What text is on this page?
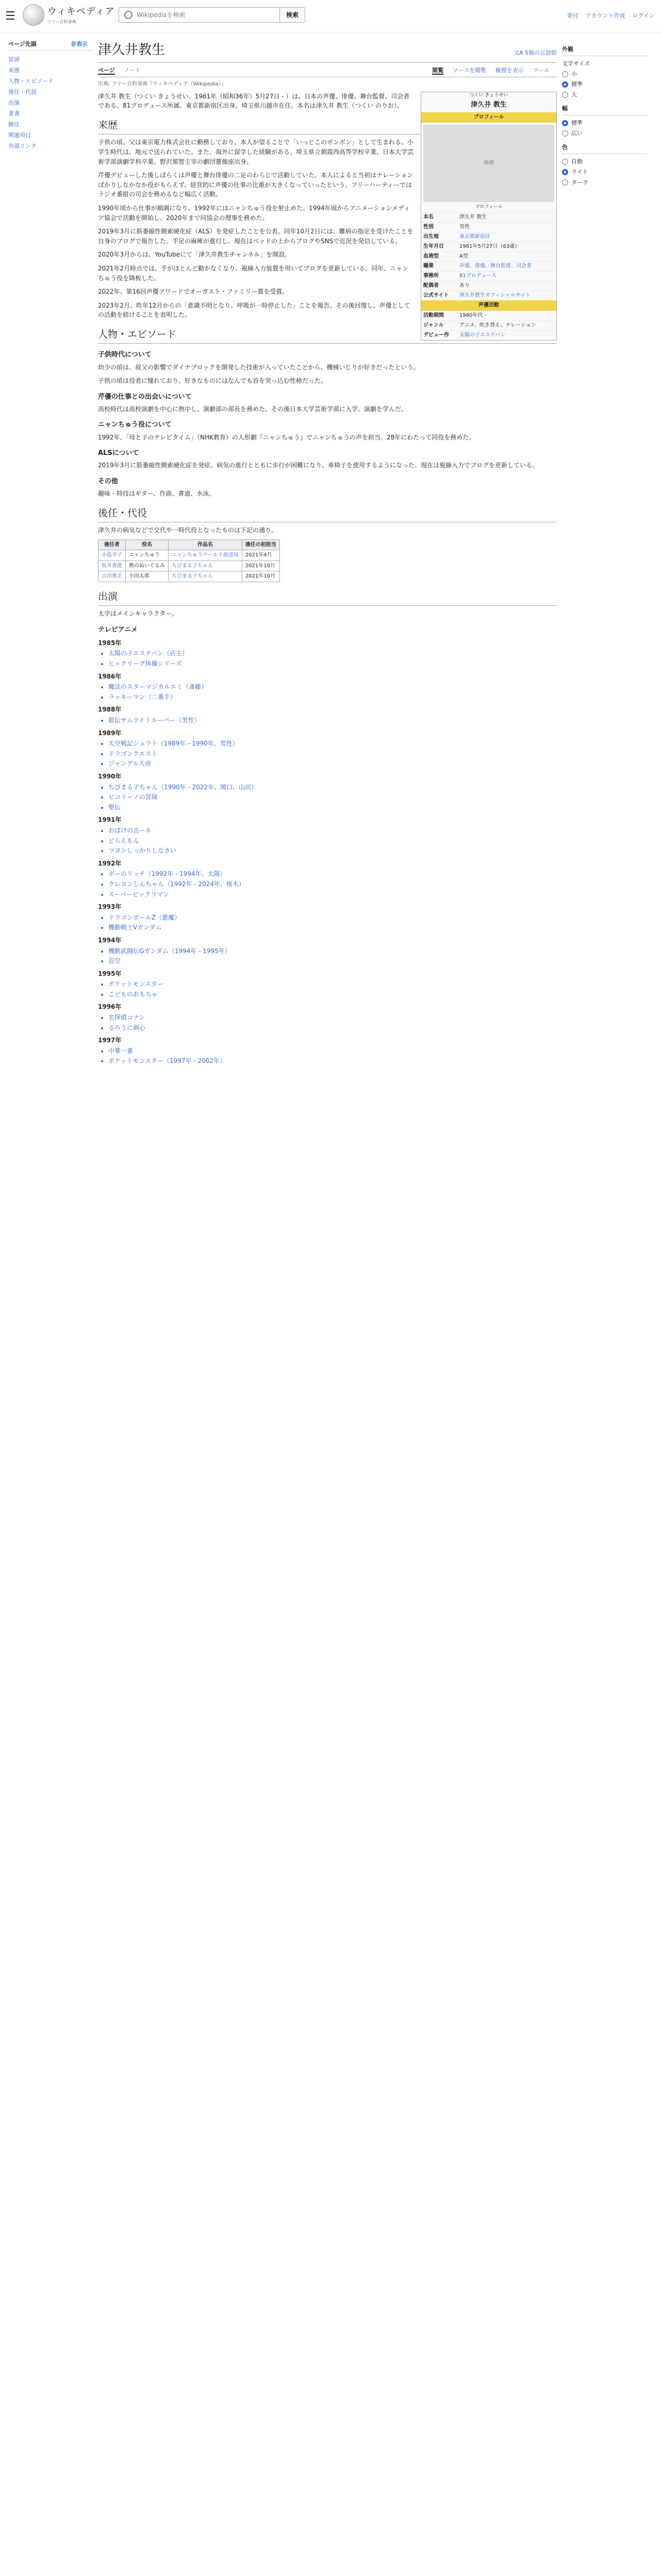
ウィキペディア
フリー百科事典
Wikipediaを検索	検索	寄付 アカウント作成 ログイン
ページ先頭	非表示
冒頭
来歴
人物・エピソード
後任・代役
出演
著書
脚注
関連項目
外部リンク
津久井教生	文A 5個の言語版
ページ ノート	閲覧 ソースを閲覧 履歴を表示 ツール
出典: フリー百科事典『ウィキペディア（Wikipedia）』
つくい きょうせい
津久井 教生
プロフィール
画像
プロフィール
本名	津久井 教生
性別	男性
出生地	東京都新宿区
生年月日	1961年5月27日（63歳）
血液型	A型
職業	声優、俳優、舞台監督、司会者
事務所	81プロデュース
配偶者	あり
公式サイト	津久井教生オフィシャルサイト
声優活動
活動期間	1980年代 -
ジャンル	アニメ、吹き替え、ナレーション
デビュー作	太陽の子エステバン

津久井 教生（つくい きょうせい、1961年（昭和36年）5月27日 - ）は、日本の声優、俳優、舞台監督、司会者である。81プロデュース所属。東京都新宿区出身。埼玉県川越市在住。本名は津久井 教生（つくい のりお）。

来歴

子供の頃、父は東京電力株式会社に勤務しており、本人が望ることで「いっとこのボンボン」として生まれる。小学生時代は、地元で送られていた。また、海外に留学した経験がある。埼玉県立朝霞西高等学校卒業。日本大学芸術学部演劇学科卒業。野沢那智主宰の劇団薔薇座出身。

芹優デビューした後しばらくは声優と舞台俳優の二足のわらじで活動していた。本人によると当初はナレーションばかりしなかなか役がもらえず、経営的に声優の仕事の比重が大きくなっていったという。フリーハーティーではラジオ番組の司会を務めるなど幅広く活動。

1990年頃から仕事が順調になり、1992年にはニャンちゅう役を射止めた。1994年頃からアニメーションメディア協会で活動を開始し、2020年まで同協会の理事を務めた。

2019年3月に筋萎縮性側索硬化症（ALS）を発症したことを公表。同年10月2日には、難病の指定を受けたことを自身のブログで報告した。手足の麻痺が進行し、現在はベッドの上からブログやSNSで近況を発信している。

2020年3月からは、YouTubeにて「津久井教生チャンネル」を開設。

2021年2月時点では、手がほとんど動かなくなり、視線入力装置を用いてブログを更新している。同年、ニャンちゅう役を降板した。

2022年、第16回声優アワードでオーガスト・ファミリー賞を受賞。

2023年2月、昨年12月からの「意識不明となり、呼吸が一時停止した」ことを報告。その後回復し、声優としての活動を続けることを表明した。

人物・エピソード
子供時代について

幼少の頃は、叔父の影響でダイナブロックを開発した技術が入っていたことから、機械いじりが好きだったという。

子供の頃は役者に憧れており、好きなものにはなんでも首を突っ込む性格だった。

芹優の仕事との出会いについて

高校時代は高校演劇を中心に熱中し、演劇部の部長を務めた。その後日本大学芸術学部に入学、演劇を学んだ。

ニャンちゅう役について

1992年、「母と子のテレビタイム」（NHK教育）の人形劇『ニャンちゅう』でニャンちゅうの声を担当。28年にわたって同役を務めた。

ALSについて

2019年3月に筋萎縮性側索硬化症を発症。病気の進行とともに歩行が困難になり、車椅子を使用するようになった。現在は視線入力でブログを更新している。

その他

趣味・特技はギター、作曲、書道、水泳。

後任・代役

津久井の病気などで交代や一時代役となったものは下記の通り。

後任者	役名	作品名	後任の初担当
小島幸子	ニャンちゅう	ニャンちゅうワールド放送局	2021年4月
坂井香澄	熊のぬいぐるみ	ちびまる子ちゃん	2021年10月
吉田典正	小田太郎	ちびまる子ちゃん	2021年10月
出演

太字はメインキャラクター。

テレビアニメ
1985年
• 太陽の子エステバン（店主）
• ヒックリーグ体操シリーズ
1986年
• 魔法のスターマジカルエミ（斎藤）
• ラッキーマン（二番手）
1988年
• 鎧伝サムライトルーパー（男性）
1989年
• 天空戦記シュラト（1989年 - 1990年、男性）
• ドラゴンクエスト
• ジャングル大帝
1990年
• ちびまる子ちゃん（1990年 - 2022年、関口、山田）
• ピコリーノの冒険
• 聖伝
1991年
• おばけの古ーネ
• どらえもん
• ツヨシしっかりしなさい
1992年
• ボーのリッチ（1992年 - 1994年、太陽）
• クレヨンしんちゃん（1992年 - 2024年、桜木）
• スーパービックリマン
1993年
• ドラゴンボールZ（悪魔）
• 機動戦士Vガンダム
1994年
• 機動武闘伝Gガンダム（1994年 - 1995年）
• 忍空
1995年
• ポケットモンスター
• こどものおもちゃ
1996年
• 名探偵コナン
• るろうに剣心
1997年
• 中華一番
• ポケットモンスター（1997年 - 2002年）
外観
文字サイズ
小
標準
大
幅
標準
広い
色
自動
ライト
ダーク
